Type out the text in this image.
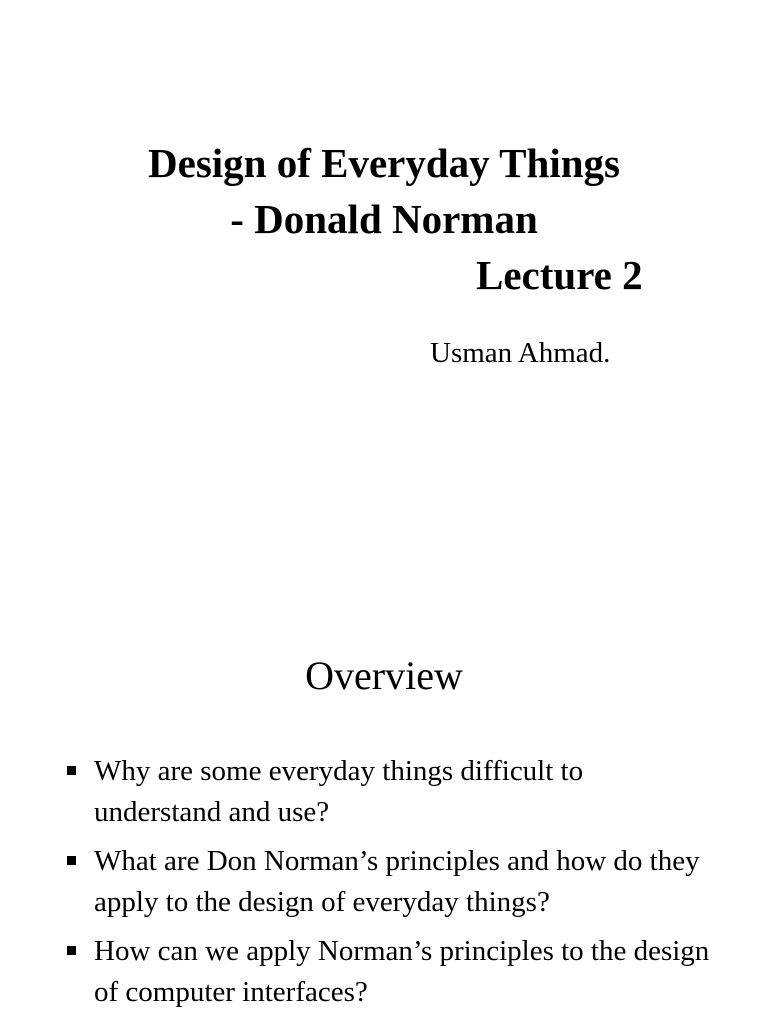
Design of Everyday Things
- Donald Norman
Lecture 2
Usman Ahmad.
Overview
Why are some everyday things difficult to understand and use?
What are Don Norman’s principles and how do they apply to the design of everyday things?
How can we apply Norman’s principles to the design of computer interfaces?
